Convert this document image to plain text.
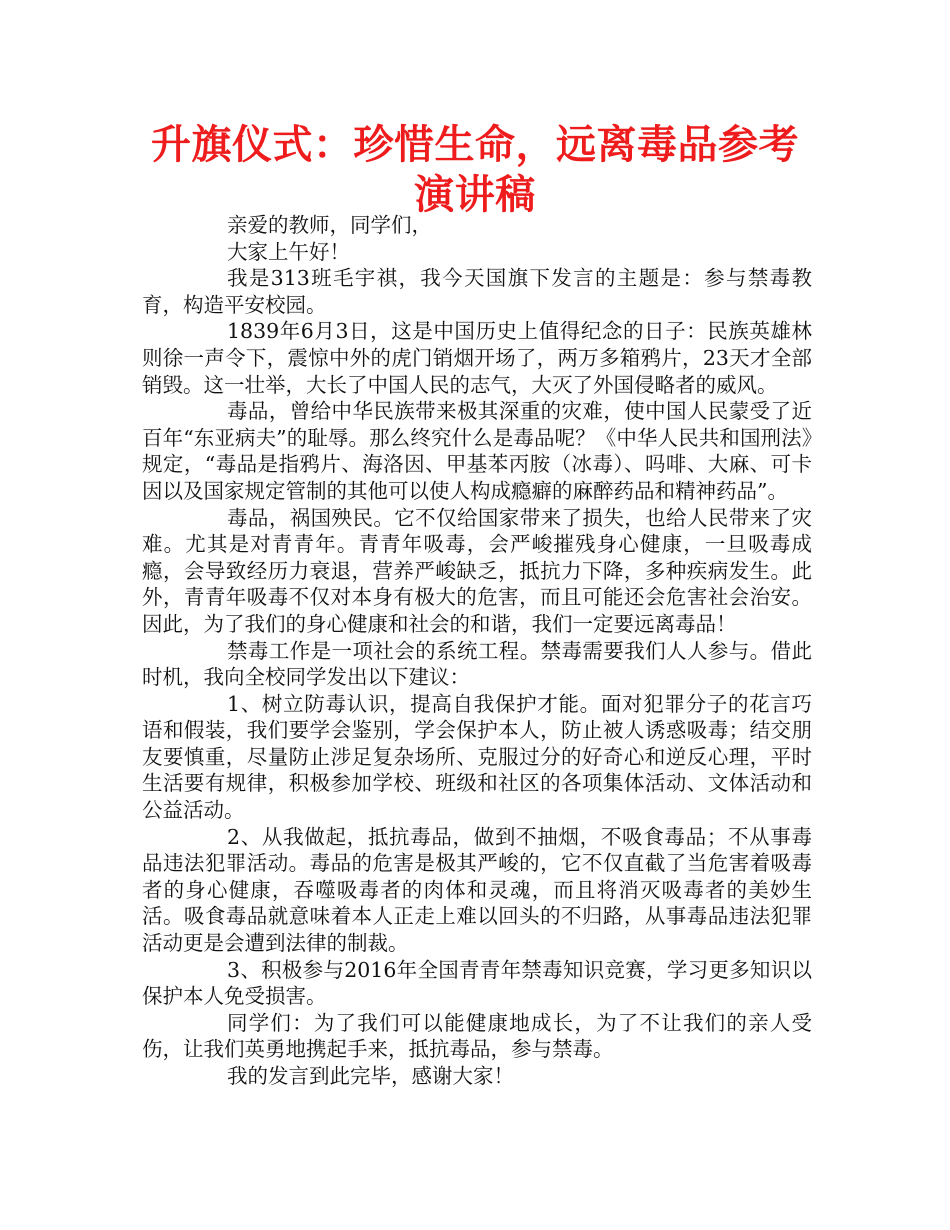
升旗仪式：珍惜生命，远离毒品参考演讲稿

亲爱的教师，同学们，

大家上午好！

我是313班毛宇祺，我今天国旗下发言的主题是：参与禁毒教育，构造平安校园。

1839年6月3日，这是中国历史上值得纪念的日子：民族英雄林则徐一声令下，震惊中外的虎门销烟开场了，两万多箱鸦片，23天才全部销毁。这一壮举，大长了中国人民的志气，大灭了外国侵略者的威风。

毒品，曾给中华民族带来极其深重的灾难，使中国人民蒙受了近百年“东亚病夫”的耻辱。那么终究什么是毒品呢？《中华人民共和国刑法》规定，“毒品是指鸦片、海洛因、甲基苯丙胺（冰毒）、吗啡、大麻、可卡因以及国家规定管制的其他可以使人构成瘾癖的麻醉药品和精神药品”。

毒品，祸国殃民。它不仅给国家带来了损失，也给人民带来了灾难。尤其是对青青年。青青年吸毒，会严峻摧残身心健康，一旦吸毒成瘾，会导致经历力衰退，营养严峻缺乏，抵抗力下降，多种疾病发生。此外，青青年吸毒不仅对本身有极大的危害，而且可能还会危害社会治安。因此，为了我们的身心健康和社会的和谐，我们一定要远离毒品！

禁毒工作是一项社会的系统工程。禁毒需要我们人人参与。借此时机，我向全校同学发出以下建议：

1、树立防毒认识，提高自我保护才能。面对犯罪分子的花言巧语和假装，我们要学会鉴别，学会保护本人，防止被人诱惑吸毒；结交朋友要慎重，尽量防止涉足复杂场所、克服过分的好奇心和逆反心理，平时生活要有规律，积极参加学校、班级和社区的各项集体活动、文体活动和公益活动。

2、从我做起，抵抗毒品，做到不抽烟，不吸食毒品；不从事毒品违法犯罪活动。毒品的危害是极其严峻的，它不仅直截了当危害着吸毒者的身心健康，吞噬吸毒者的肉体和灵魂，而且将消灭吸毒者的美妙生活。吸食毒品就意味着本人正走上难以回头的不归路，从事毒品违法犯罪活动更是会遭到法律的制裁。

3、积极参与2016年全国青青年禁毒知识竞赛，学习更多知识以保护本人免受损害。

同学们：为了我们可以能健康地成长，为了不让我们的亲人受伤，让我们英勇地携起手来，抵抗毒品，参与禁毒。

我的发言到此完毕，感谢大家！
